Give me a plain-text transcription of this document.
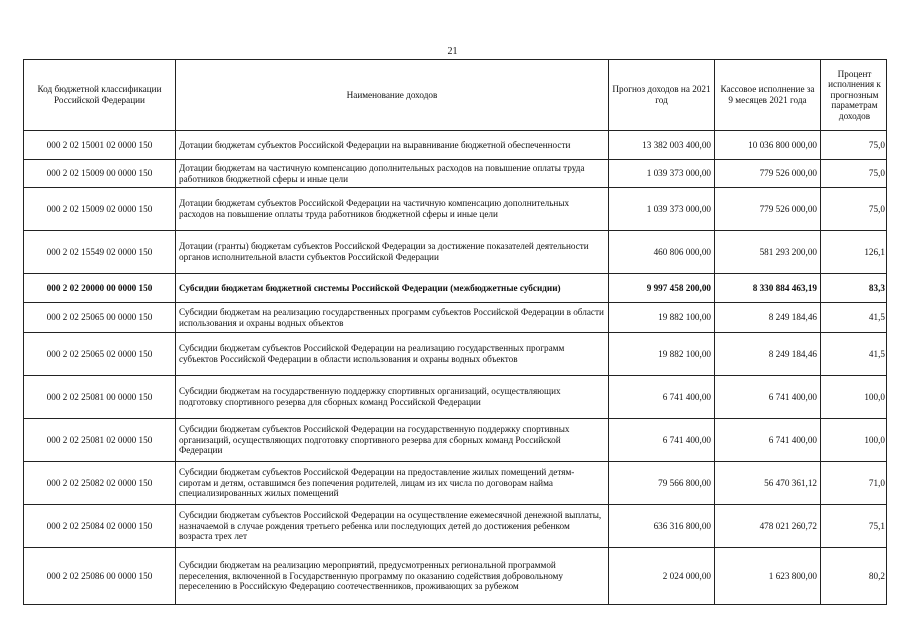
21
Код бюджетной классификации Российской Федерации	Наименование доходов	Прогноз доходов на 2021 год	Кассовое исполнение за 9 месяцев 2021 года	Процент исполнения к прогнозным параметрам доходов
000 2 02 15001 02 0000 150	Дотации бюджетам субъектов Российской Федерации на выравнивание бюджетной обеспеченности	13 382 003 400,00	10 036 800 000,00	75,0
000 2 02 15009 00 0000 150	Дотации бюджетам на частичную компенсацию дополнительных расходов на повышение оплаты труда работников бюджетной сферы и иные цели	1 039 373 000,00	779 526 000,00	75,0
000 2 02 15009 02 0000 150	Дотации бюджетам субъектов Российской Федерации на частичную компенсацию дополнительных расходов на повышение оплаты труда работников бюджетной сферы и иные цели	1 039 373 000,00	779 526 000,00	75,0
000 2 02 15549 02 0000 150	Дотации (гранты) бюджетам субъектов Российской Федерации за достижение показателей деятельности органов исполнительной власти субъектов Российской Федерации	460 806 000,00	581 293 200,00	126,1
000 2 02 20000 00 0000 150	Субсидии бюджетам бюджетной системы Российской Федерации (межбюджетные субсидии)	9 997 458 200,00	8 330 884 463,19	83,3
000 2 02 25065 00 0000 150	Субсидии бюджетам на реализацию государственных программ субъектов Российской Федерации в области использования и охраны водных объектов	19 882 100,00	8 249 184,46	41,5
000 2 02 25065 02 0000 150	Субсидии бюджетам субъектов Российской Федерации на реализацию государственных программ субъектов Российской Федерации в области использования и охраны водных объектов	19 882 100,00	8 249 184,46	41,5
000 2 02 25081 00 0000 150	Субсидии бюджетам на государственную поддержку спортивных организаций, осуществляющих подготовку спортивного резерва для сборных команд Российской Федерации	6 741 400,00	6 741 400,00	100,0
000 2 02 25081 02 0000 150	Субсидии бюджетам субъектов Российской Федерации на государственную поддержку спортивных организаций, осуществляющих подготовку спортивного резерва для сборных команд Российской Федерации	6 741 400,00	6 741 400,00	100,0
000 2 02 25082 02 0000 150	Субсидии бюджетам субъектов Российской Федерации на предоставление жилых помещений детям-сиротам и детям, оставшимся без попечения родителей, лицам из их числа по договорам найма специализированных жилых помещений	79 566 800,00	56 470 361,12	71,0
000 2 02 25084 02 0000 150	Субсидии бюджетам субъектов Российской Федерации на осуществление ежемесячной денежной выплаты, назначаемой в случае рождения третьего ребенка или последующих детей до достижения ребенком возраста трех лет	636 316 800,00	478 021 260,72	75,1
000 2 02 25086 00 0000 150	Субсидии бюджетам на реализацию мероприятий, предусмотренных региональной программой переселения, включенной в Государственную программу по оказанию содействия добровольному переселению в Российскую Федерацию соотечественников, проживающих за рубежом	2 024 000,00	1 623 800,00	80,2
